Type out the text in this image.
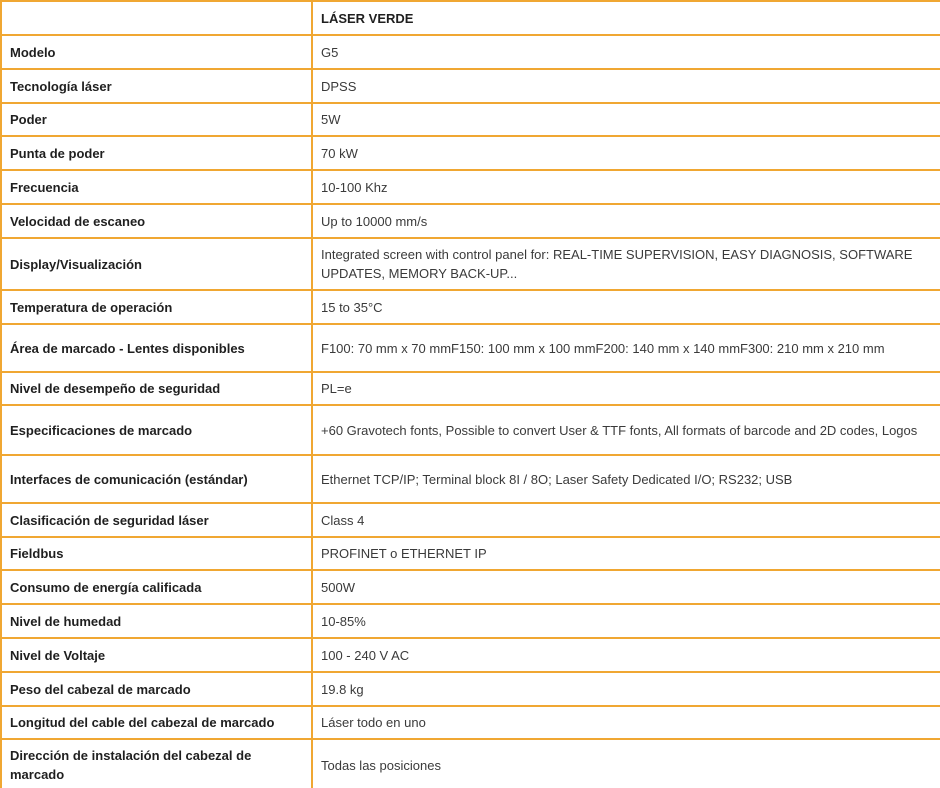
	LÁSER VERDE
Modelo	G5
Tecnología láser	DPSS
Poder	5W
Punta de poder	70 kW
Frecuencia	10-100 Khz
Velocidad de escaneo	Up to 10000 mm/s
Display/Visualización	Integrated screen with control panel for: REAL-TIME SUPERVISION, EASY DIAGNOSIS, SOFTWARE UPDATES, MEMORY BACK-UP...
Temperatura de operación	15 to 35°C
Área de marcado - Lentes disponibles	F100: 70 mm x 70 mmF150: 100 mm x 100 mmF200: 140 mm x 140 mmF300: 210 mm x 210 mm
Nivel de desempeño de seguridad	PL=e
Especificaciones de marcado	+60 Gravotech fonts, Possible to convert User & TTF fonts, All formats of barcode and 2D codes, Logos
Interfaces de comunicación (estándar)	Ethernet TCP/IP; Terminal block 8I / 8O; Laser Safety Dedicated I/O; RS232; USB
Clasificación de seguridad láser	Class 4
Fieldbus	PROFINET o ETHERNET IP
Consumo de energía calificada	500W
Nivel de humedad	10-85%
Nivel de Voltaje	100 - 240 V AC
Peso del cabezal de marcado	19.8 kg
Longitud del cable del cabezal de marcado	Láser todo en uno
Dirección de instalación del cabezal de marcado	Todas las posiciones
